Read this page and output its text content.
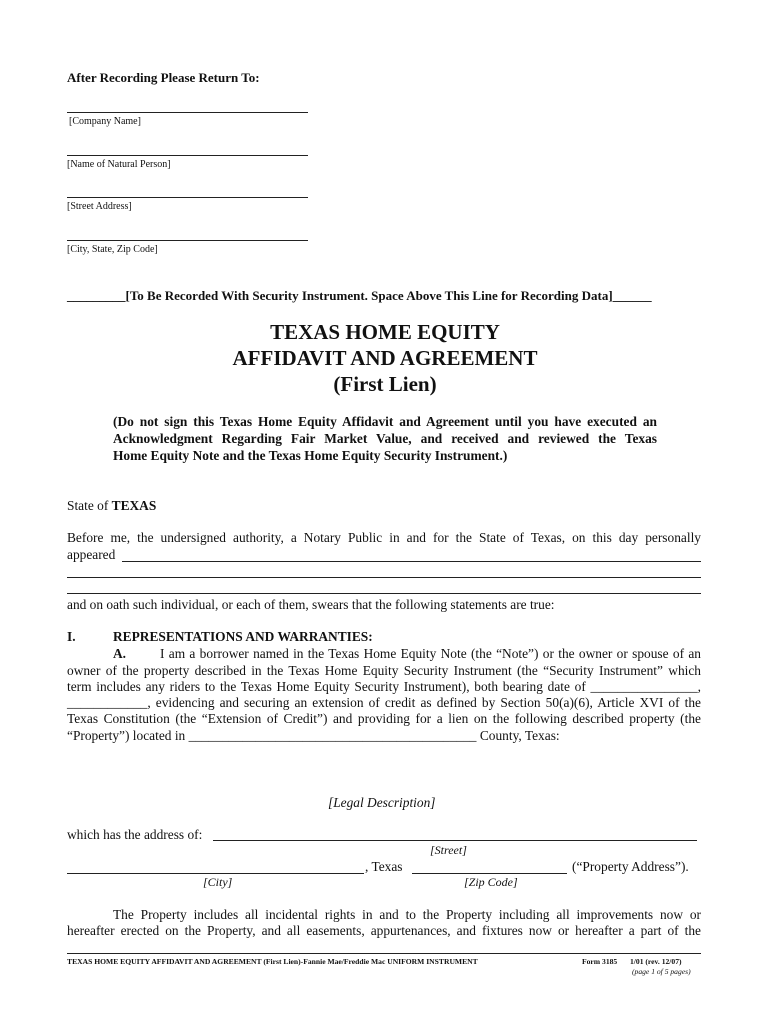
After Recording Please Return To:
[Company Name]
[Name of Natural Person]
[Street Address]
[City, State, Zip Code]
_________[To Be Recorded With Security Instrument. Space Above This Line for Recording Data]______
TEXAS HOME EQUITY
AFFIDAVIT AND AGREEMENT
(First Lien)
(Do not sign this Texas Home Equity Affidavit and Agreement until you have executed an
Acknowledgment Regarding Fair Market Value, and received and reviewed the Texas
Home Equity Note and the Texas Home Equity Security Instrument.)
State of TEXAS
Before me, the undersigned authority, a Notary Public in and for the State of Texas, on this day personally
appeared
and on oath such individual, or each of them, swears that the following statements are true:
I.	REPRESENTATIONS AND WARRANTIES:
A.	I am a borrower named in the Texas Home Equity Note (the “Note”) or the owner or spouse of an
owner of the property described in the Texas Home Equity Security Instrument (the “Security Instrument” which
term includes any riders to the Texas Home Equity Security Instrument), both bearing date of ________________,
____________, evidencing and securing an extension of credit as defined by Section 50(a)(6), Article XVI of the
Texas Constitution (the “Extension of Credit”) and providing for a lien on the following described property (the
“Property”) located in ___________________________________________ County, Texas:
[Legal Description]
which has the address of:
[Street]
, Texas	(“Property Address”).
[City]	[Zip Code]
The Property includes all incidental rights in and to the Property including all improvements now or
hereafter erected on the Property, and all easements, appurtenances, and fixtures now or hereafter a part of the
TEXAS HOME EQUITY AFFIDAVIT AND AGREEMENT (First Lien)-Fannie Mae/Freddie Mac UNIFORM INSTRUMENT	Form 3185 1/01 (rev. 12/07)
(page 1 of 5 pages)
